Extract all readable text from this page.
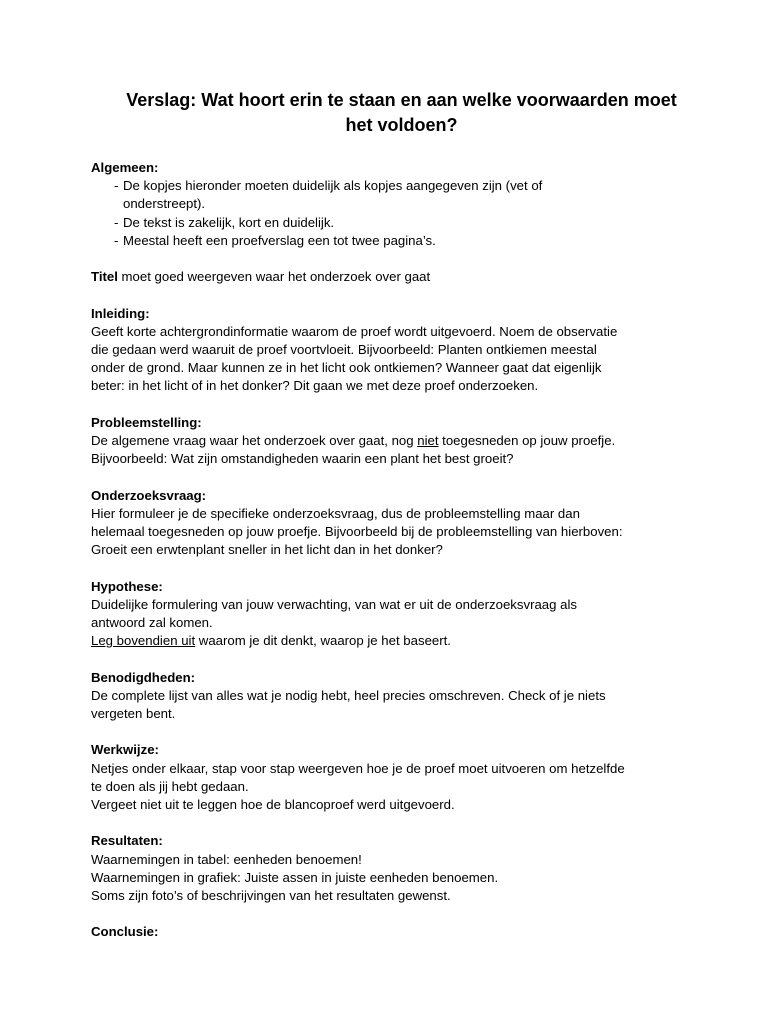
Verslag: Wat hoort erin te staan en aan welke voorwaarden moet
het voldoen?
Algemeen:
- De kopjes hieronder moeten duidelijk als kopjes aangegeven zijn (vet of
onderstreept).
- De tekst is zakelijk, kort en duidelijk.
- Meestal heeft een proefverslag een tot twee pagina’s.
Titel moet goed weergeven waar het onderzoek over gaat
Inleiding:
Geeft korte achtergrondinformatie waarom de proef wordt uitgevoerd. Noem de observatie
die gedaan werd waaruit de proef voortvloeit. Bijvoorbeeld: Planten ontkiemen meestal
onder de grond. Maar kunnen ze in het licht ook ontkiemen? Wanneer gaat dat eigenlijk
beter: in het licht of in het donker? Dit gaan we met deze proef onderzoeken.
Probleemstelling:
De algemene vraag waar het onderzoek over gaat, nog niet toegesneden op jouw proefje.
Bijvoorbeeld: Wat zijn omstandigheden waarin een plant het best groeit?
Onderzoeksvraag:
Hier formuleer je de specifieke onderzoeksvraag, dus de probleemstelling maar dan
helemaal toegesneden op jouw proefje. Bijvoorbeeld bij de probleemstelling van hierboven:
Groeit een erwtenplant sneller in het licht dan in het donker?
Hypothese:
Duidelijke formulering van jouw verwachting, van wat er uit de onderzoeksvraag als
antwoord zal komen.
Leg bovendien uit waarom je dit denkt, waarop je het baseert.
Benodigdheden:
De complete lijst van alles wat je nodig hebt, heel precies omschreven. Check of je niets
vergeten bent.
Werkwijze:
Netjes onder elkaar, stap voor stap weergeven hoe je de proef moet uitvoeren om hetzelfde
te doen als jij hebt gedaan.
Vergeet niet uit te leggen hoe de blancoproef werd uitgevoerd.
Resultaten:
Waarnemingen in tabel: eenheden benoemen!
Waarnemingen in grafiek: Juiste assen in juiste eenheden benoemen.
Soms zijn foto’s of beschrijvingen van het resultaten gewenst.
Conclusie:
